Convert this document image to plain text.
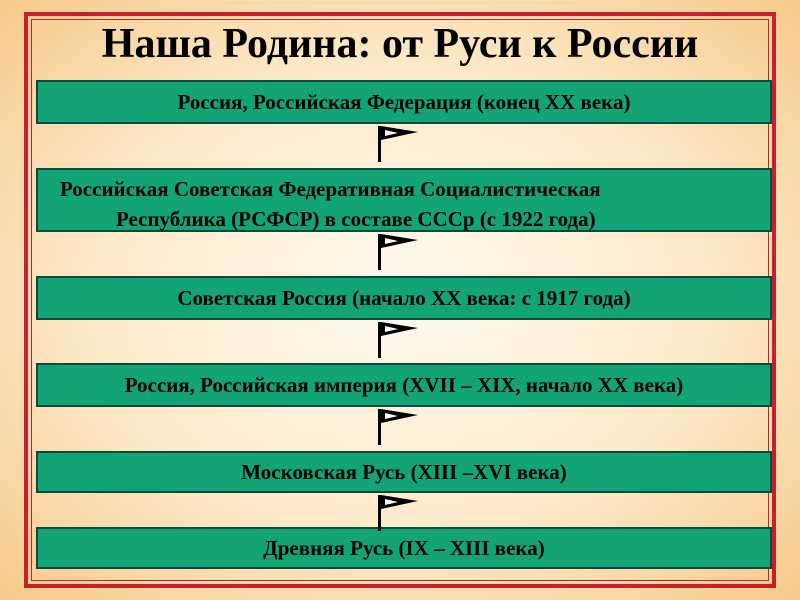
Наша Родина: от Руси к России
Россия, Российская Федерация (конец XX века)
Российская Советская Федеративная Социалистическая
Республика (РСФСР) в составе СССр (с 1922 года)
Советская Россия (начало XX века: с 1917 года)
Россия, Российская империя (XVII – XIX, начало XX века)
Московская Русь (XIII –XVI века)
Древняя Русь (IX – XIII века)
